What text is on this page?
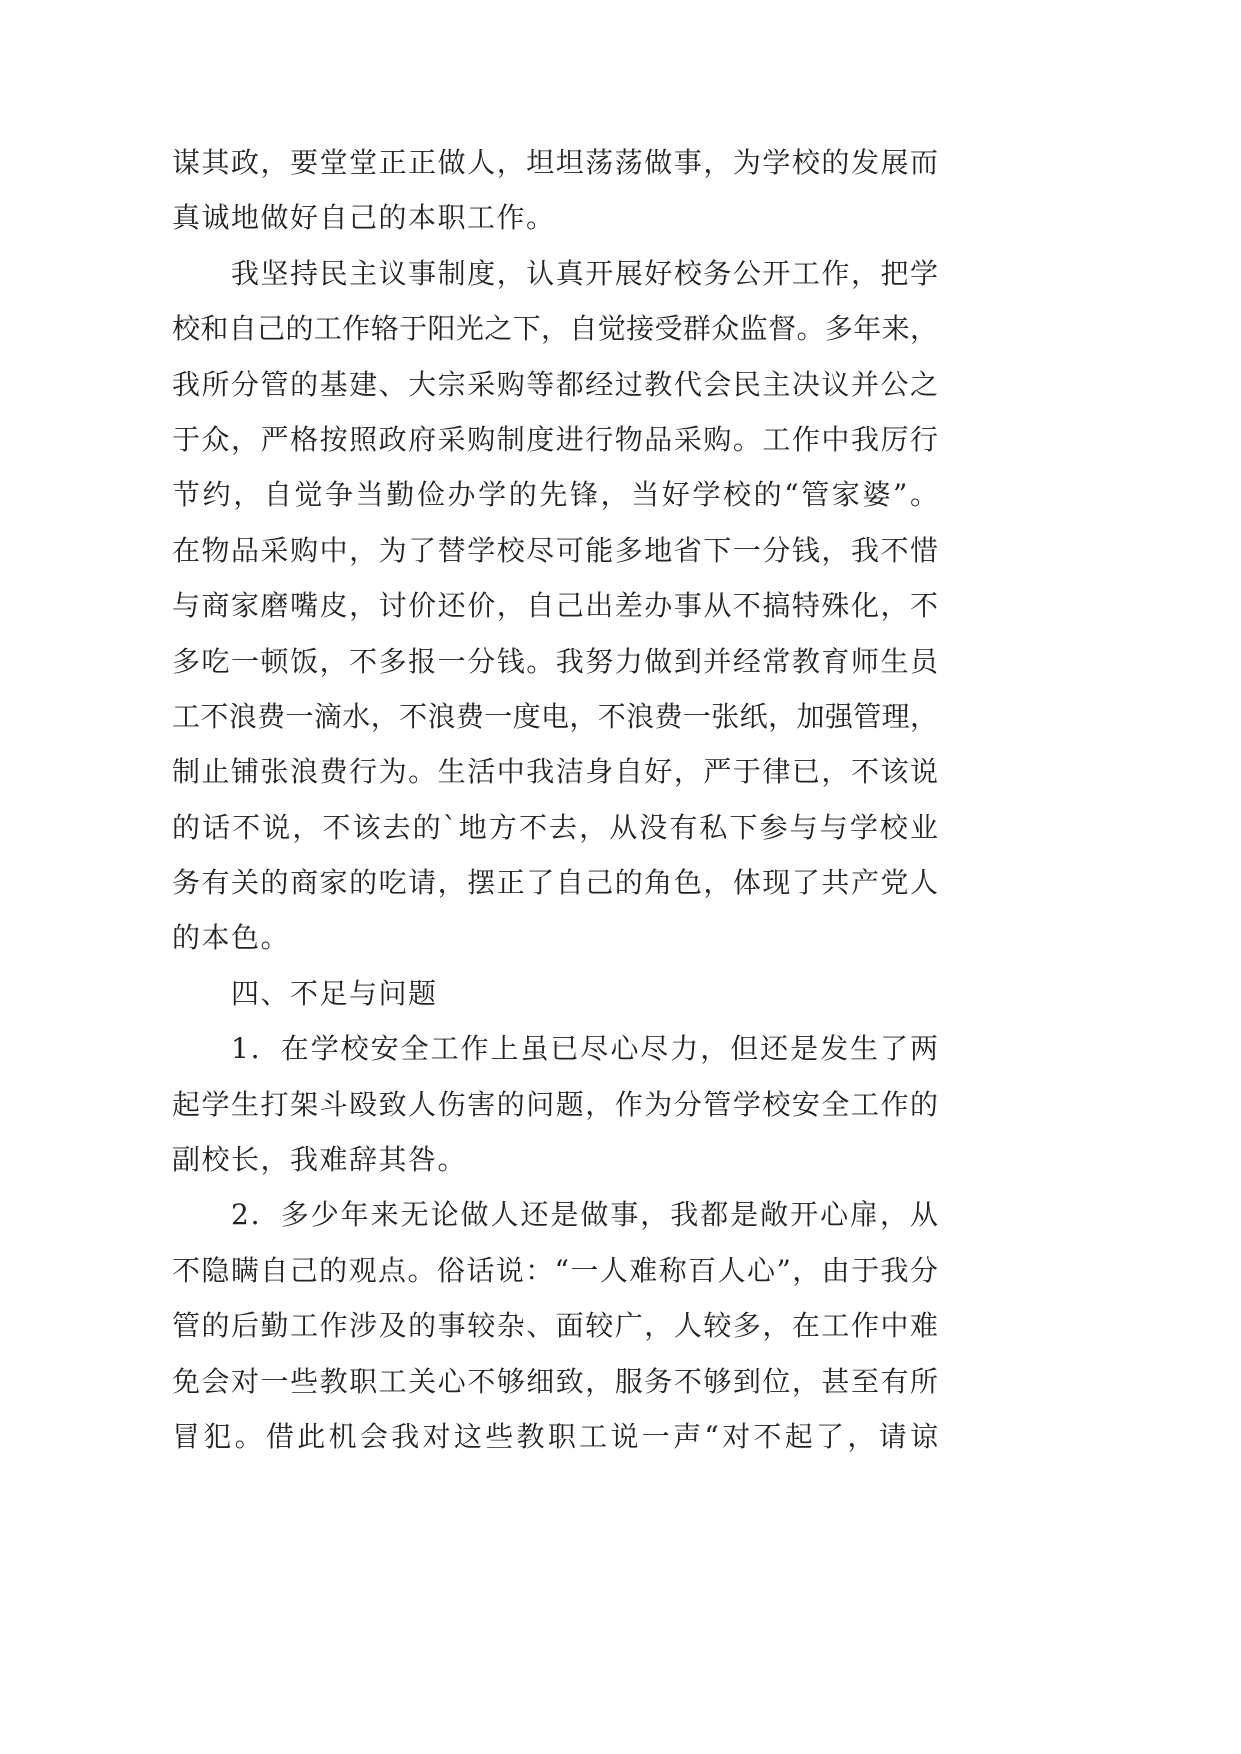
谋其政，要堂堂正正做人，坦坦荡荡做事，为学校的发展而
真诚地做好自己的本职工作。
我坚持民主议事制度，认真开展好校务公开工作，把学
校和自己的工作辂于阳光之下，自觉接受群众监督。多年来，
我所分管的基建、大宗采购等都经过教代会民主决议并公之
于众，严格按照政府采购制度进行物品采购。工作中我厉行
节约，自觉争当勤俭办学的先锋，当好学校的“管家婆”。
在物品采购中，为了替学校尽可能多地省下一分钱，我不惜
与商家磨嘴皮，讨价还价，自己出差办事从不搞特殊化，不
多吃一顿饭，不多报一分钱。我努力做到并经常教育师生员
工不浪费一滴水，不浪费一度电，不浪费一张纸，加强管理，
制止铺张浪费行为。生活中我洁身自好，严于律已，不该说
的话不说，不该去的`地方不去，从没有私下参与与学校业
务有关的商家的吃请，摆正了自己的角色，体现了共产党人
的本色。
四、不足与问题
1．在学校安全工作上虽已尽心尽力，但还是发生了两
起学生打架斗殴致人伤害的问题，作为分管学校安全工作的
副校长，我难辞其咎。
2．多少年来无论做人还是做事，我都是敞开心扉，从
不隐瞒自己的观点。俗话说：“一人难称百人心”，由于我分
管的后勤工作涉及的事较杂、面较广，人较多，在工作中难
免会对一些教职工关心不够细致，服务不够到位，甚至有所
冒犯。借此机会我对这些教职工说一声“对不起了，请谅
